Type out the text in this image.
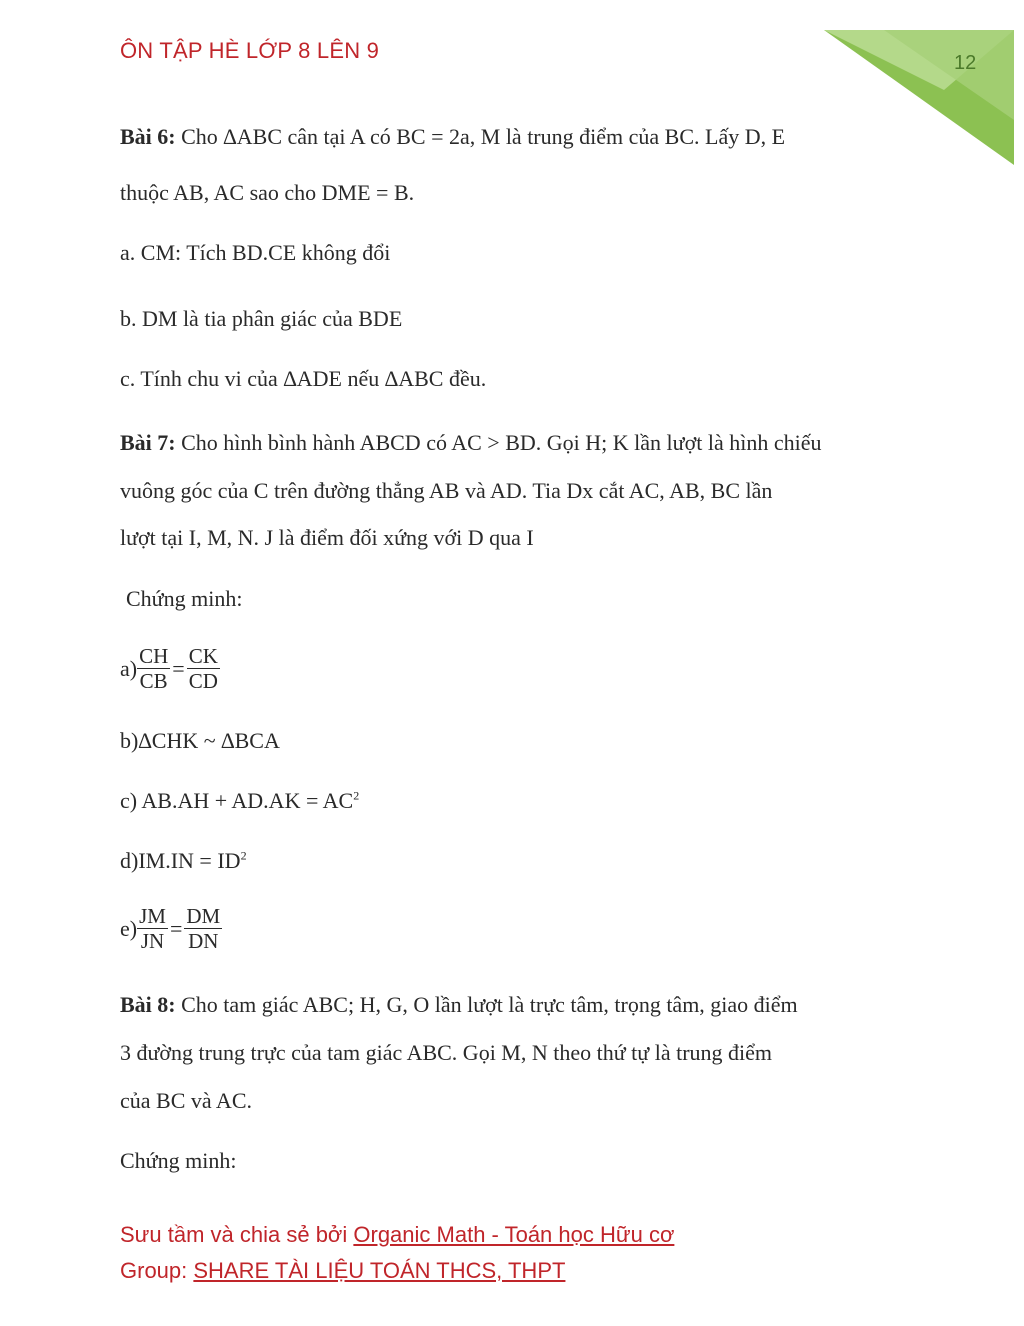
ÔN TẬP HÈ LỚP 8 LÊN 9	12
Bài 6: Cho ∆ABC cân tại A có BC = 2a, M là trung điểm của BC. Lấy D, E
thuộc AB, AC sao cho DME = B.
a. CM: Tích BD.CE không đổi
b. DM là tia phân giác của BDE
c. Tính chu vi của ∆ADE nếu ∆ABC đều.
Bài 7: Cho hình bình hành ABCD có AC > BD. Gọi H; K lần lượt là hình chiếu
vuông góc của C trên đường thẳng AB và AD. Tia Dx cắt AC, AB, BC lần
lượt tại I, M, N. J là điểm đối xứng với D qua I
Chứng minh:
$a) \frac{CH}{CB} = \frac{CK}{CD}$
b)∆CHK ~ ∆BCA
c) $AB.AH + AD.AK = AC^2$
$d)IM.IN = ID^2$
$e) \frac{JM}{JN} = \frac{DM}{DN}$
Bài 8: Cho tam giác ABC; H, G, O lần lượt là trực tâm, trọng tâm, giao điểm
3 đường trung trực của tam giác ABC. Gọi M, N theo thứ tự là trung điểm
của BC và AC.
Chứng minh:
Sưu tầm và chia sẻ bởi Organic Math - Toán học Hữu cơ
Group: SHARE TÀI LIỆU TOÁN THCS, THPT
